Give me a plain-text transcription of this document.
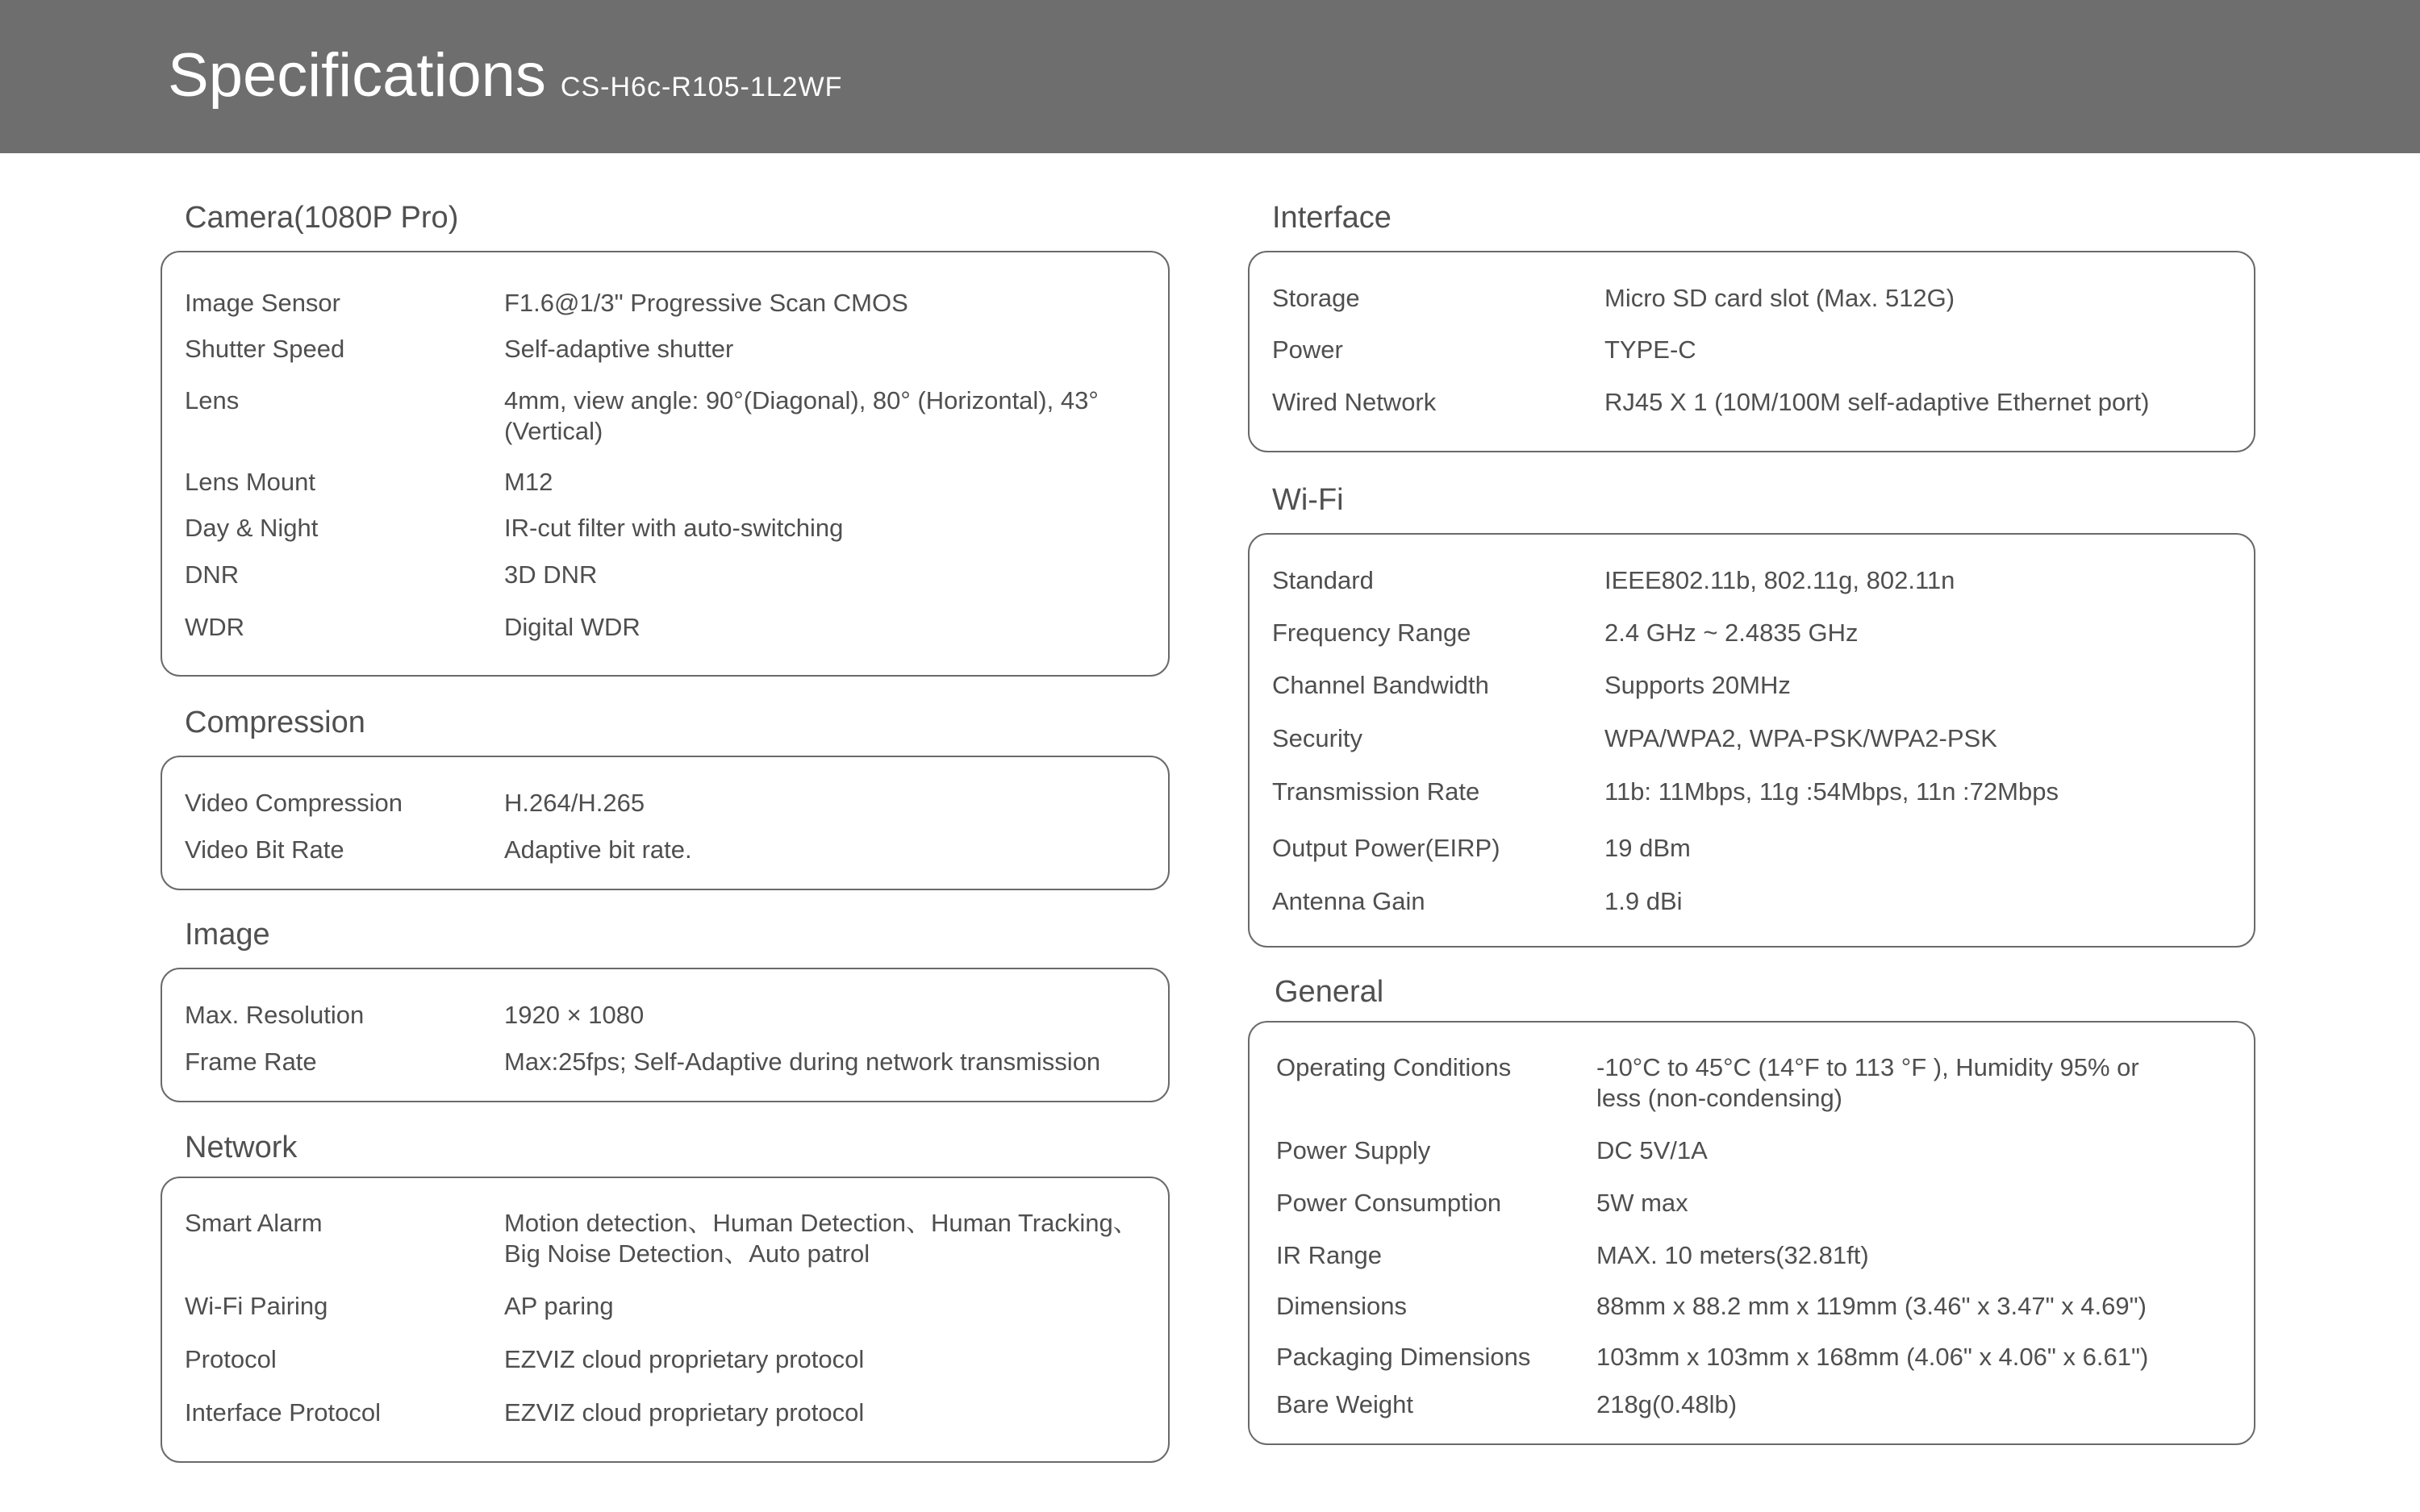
Specifications CS-H6c-R105-1L2WF
Camera(1080P Pro)
Image Sensor	F1.6@1/3" Progressive Scan CMOS
Shutter Speed	Self-adaptive shutter
Lens	4mm, view angle: 90°(Diagonal), 80° (Horizontal), 43°(Vertical)
Lens Mount	M12
Day & Night	IR-cut filter with auto-switching
DNR	3D DNR
WDR	Digital WDR
Compression
Video Compression	H.264/H.265
Video Bit Rate	Adaptive bit rate.
Image
Max. Resolution	1920 × 1080
Frame Rate	Max:25fps; Self-Adaptive during network transmission
Network
Smart Alarm	Motion detection、Human Detection、Human Tracking、Big Noise Detection、Auto patrol
Wi-Fi Pairing	AP paring
Protocol	EZVIZ cloud proprietary protocol
Interface Protocol	EZVIZ cloud proprietary protocol
Interface
Storage	Micro SD card slot (Max. 512G)
Power	TYPE-C
Wired Network	RJ45 X 1 (10M/100M self-adaptive Ethernet port)
Wi-Fi
Standard	IEEE802.11b, 802.11g, 802.11n
Frequency Range	2.4 GHz ~ 2.4835 GHz
Channel Bandwidth	Supports 20MHz
Security	WPA/WPA2, WPA-PSK/WPA2-PSK
Transmission Rate	11b: 11Mbps, 11g :54Mbps, 11n :72Mbps
Output Power(EIRP)	19 dBm
Antenna Gain	1.9 dBi
General
Operating Conditions	-10°C to 45°C (14°F to 113 °F ), Humidity 95% or less (non-condensing)
Power Supply	DC 5V/1A
Power Consumption	5W max
IR Range	MAX. 10 meters(32.81ft)
Dimensions	88mm x 88.2 mm x 119mm (3.46" x 3.47" x 4.69")
Packaging Dimensions	103mm x 103mm x 168mm (4.06" x 4.06" x 6.61")
Bare Weight	218g(0.48lb)
